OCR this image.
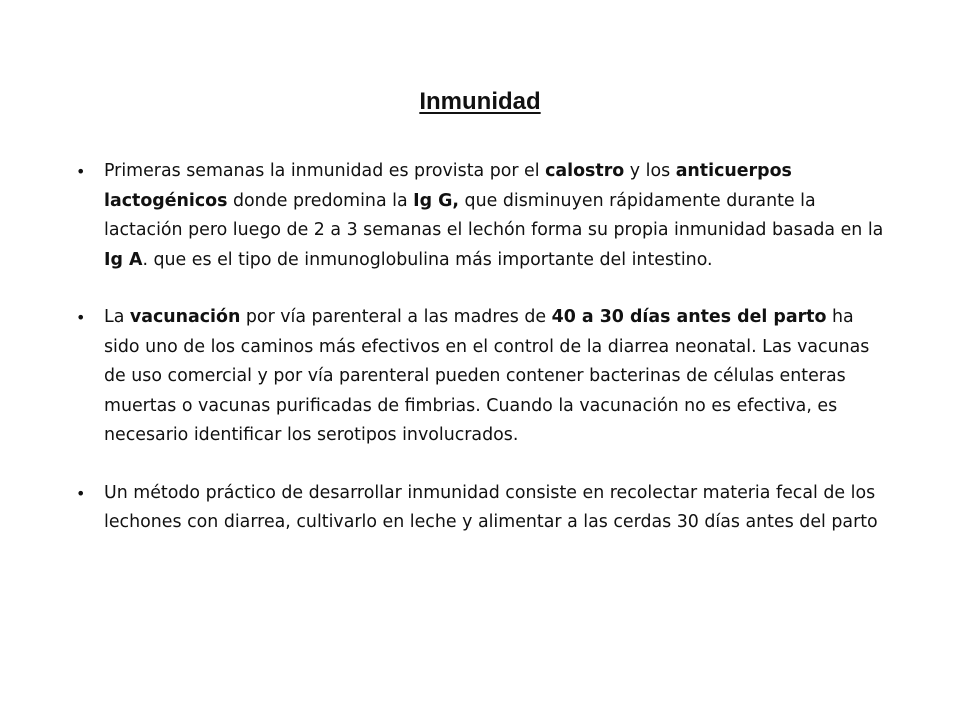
Inmunidad
• Primeras semanas la inmunidad es provista por el calostro y los anticuerpos lactogénicos donde predomina la Ig G, que disminuyen rápidamente durante la lactación pero luego de 2 a 3 semanas el lechón forma su propia inmunidad basada en la Ig A. que es el tipo de inmunoglobulina más importante del intestino.
• La vacunación por vía parenteral a las madres de 40 a 30 días antes del parto ha sido uno de los caminos más efectivos en el control de la diarrea neonatal. Las vacunas de uso comercial y por vía parenteral pueden contener bacterinas de células enteras muertas o vacunas purificadas de fimbrias. Cuando la vacunación no es efectiva, es necesario identificar los serotipos involucrados.
• Un método práctico de desarrollar inmunidad consiste en recolectar materia fecal de los lechones con diarrea, cultivarlo en leche y alimentar a las cerdas 30 días antes del parto
